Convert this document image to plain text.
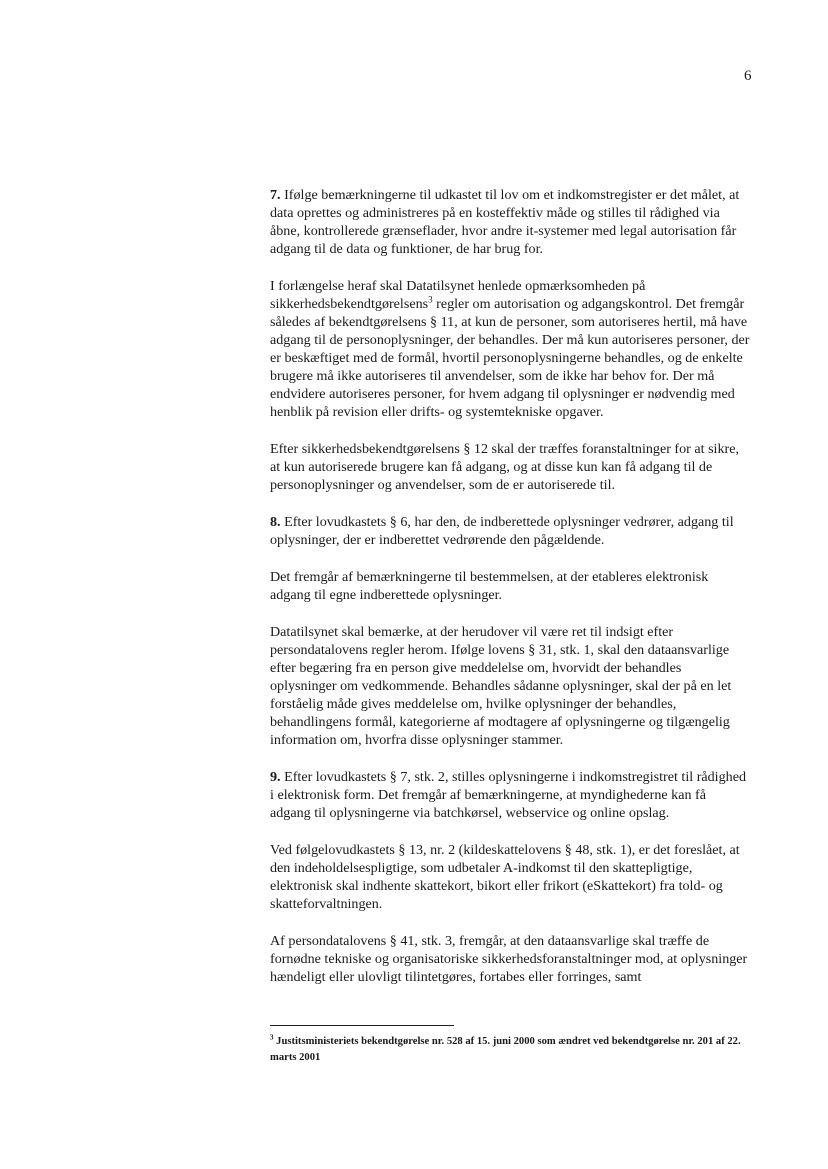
6

7. Ifølge bemærkningerne til udkastet til lov om et indkomstregister er det målet, at data oprettes og administreres på en kosteffektiv måde og stilles til rådighed via åbne, kontrollerede grænseflader, hvor andre it-systemer med legal autorisation får adgang til de data og funktioner, de har brug for.

I forlængelse heraf skal Datatilsynet henlede opmærksomheden på sikkerhedsbekendtgørelsens$^3$ regler om autorisation og adgangskontrol. Det fremgår således af bekendtgørelsens § 11, at kun de personer, som autoriseres hertil, må have adgang til de personoplysninger, der behandles. Der må kun autoriseres personer, der er beskæftiget med de formål, hvortil personoplysningerne behandles, og de enkelte brugere må ikke autoriseres til anvendelser, som de ikke har behov for. Der må endvidere autoriseres personer, for hvem adgang til oplysninger er nødvendig med henblik på revision eller drifts- og systemtekniske opgaver.

Efter sikkerhedsbekendtgørelsens § 12 skal der træffes foranstaltninger for at sikre, at kun autoriserede brugere kan få adgang, og at disse kun kan få adgang til de personoplysninger og anvendelser, som de er autoriserede til.

8. Efter lovudkastets § 6, har den, de indberettede oplysninger vedrører, adgang til oplysninger, der er indberettet vedrørende den pågældende.

Det fremgår af bemærkningerne til bestemmelsen, at der etableres elektronisk adgang til egne indberettede oplysninger.

Datatilsynet skal bemærke, at der herudover vil være ret til indsigt efter persondatalovens regler herom. Ifølge lovens § 31, stk. 1, skal den dataansvarlige efter begæring fra en person give meddelelse om, hvorvidt der behandles oplysninger om vedkommende. Behandles sådanne oplysninger, skal der på en let forståelig måde gives meddelelse om, hvilke oplysninger der behandles, behandlingens formål, kategorierne af modtagere af oplysningerne og tilgængelig information om, hvorfra disse oplysninger stammer.

9. Efter lovudkastets § 7, stk. 2, stilles oplysningerne i indkomstregistret til rådighed i elektronisk form. Det fremgår af bemærkningerne, at myndighederne kan få adgang til oplysningerne via batchkørsel, webservice og online opslag.

Ved følgelovudkastets § 13, nr. 2 (kildeskattelovens § 48, stk. 1), er det foreslået, at den indeholdelsespligtige, som udbetaler A-indkomst til den skattepligtige, elektronisk skal indhente skattekort, bikort eller frikort (eSkattekort) fra told- og skatteforvaltningen.

Af persondatalovens § 41, stk. 3, fremgår, at den dataansvarlige skal træffe de fornødne tekniske og organisatoriske sikkerhedsforanstaltninger mod, at oplysninger hændeligt eller ulovligt tilintetgøres, fortabes eller forringes, samt

$^3$ Justitsministeriets bekendtgørelse nr. 528 af 15. juni 2000 som ændret ved bekendtgørelse nr. 201 af 22. marts 2001
